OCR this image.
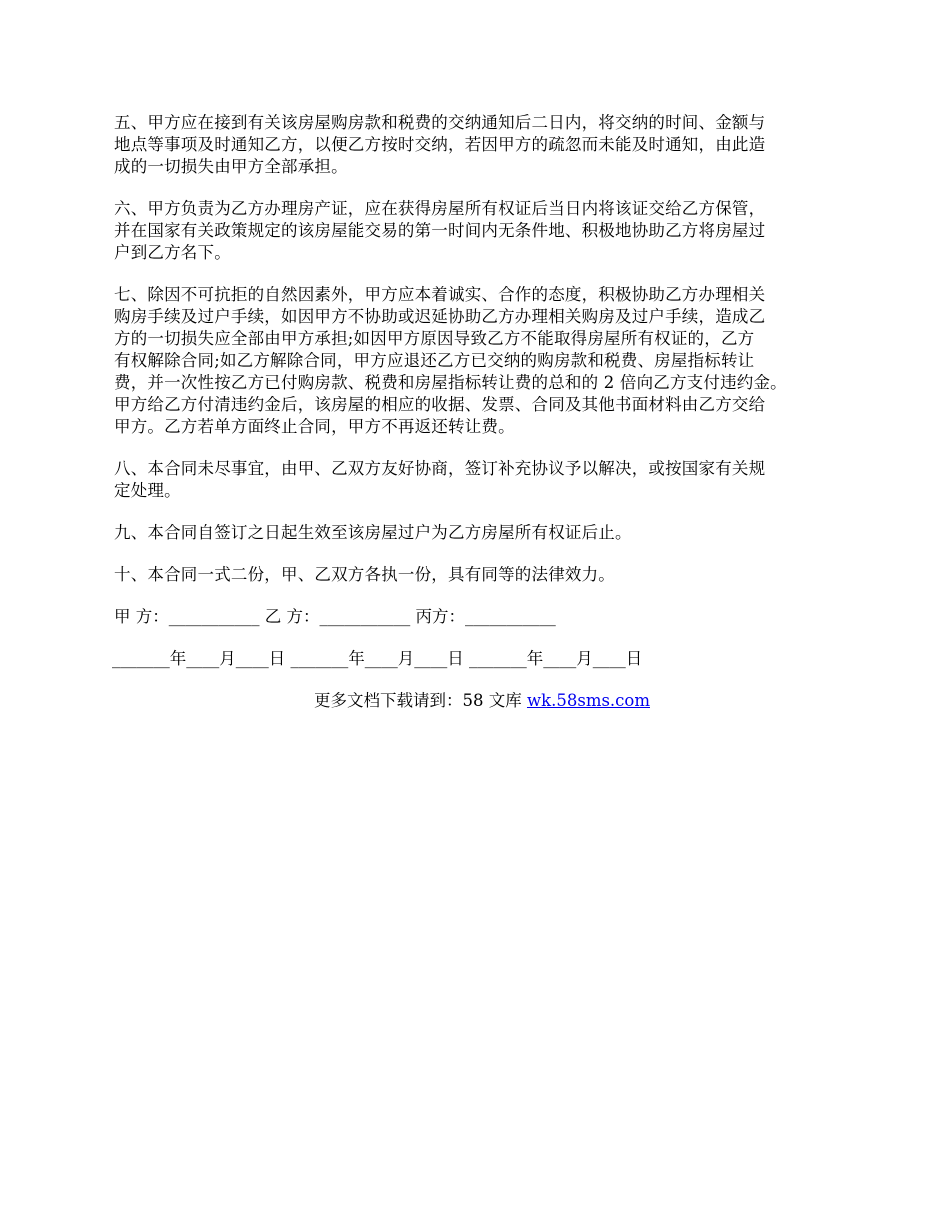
五、甲方应在接到有关该房屋购房款和税费的交纳通知后二日内，将交纳的时间、金额与
地点等事项及时通知乙方，以便乙方按时交纳，若因甲方的疏忽而未能及时通知，由此造
成的一切损失由甲方全部承担。

六、甲方负责为乙方办理房产证，应在获得房屋所有权证后当日内将该证交给乙方保管，
并在国家有关政策规定的该房屋能交易的第一时间内无条件地、积极地协助乙方将房屋过
户到乙方名下。

七、除因不可抗拒的自然因素外，甲方应本着诚实、合作的态度，积极协助乙方办理相关
购房手续及过户手续，如因甲方不协助或迟延协助乙方办理相关购房及过户手续，造成乙
方的一切损失应全部由甲方承担;如因甲方原因导致乙方不能取得房屋所有权证的，乙方
有权解除合同;如乙方解除合同，甲方应退还乙方已交纳的购房款和税费、房屋指标转让
费，并一次性按乙方已付购房款、税费和房屋指标转让费的总和的 2 倍向乙方支付违约金。
甲方给乙方付清违约金后，该房屋的相应的收据、发票、合同及其他书面材料由乙方交给
甲方。乙方若单方面终止合同，甲方不再返还转让费。

八、本合同未尽事宜，由甲、乙双方友好协商，签订补充协议予以解决，或按国家有关规
定处理。

九、本合同自签订之日起生效至该房屋过户为乙方房屋所有权证后止。

十、本合同一式二份，甲、乙双方各执一份，具有同等的法律效力。

甲 方：___________ 乙 方：___________ 丙方：___________

_______年____月____日 _______年____月____日 _______年____月____日

更多文档下载请到：58 文库 wk.58sms.com
